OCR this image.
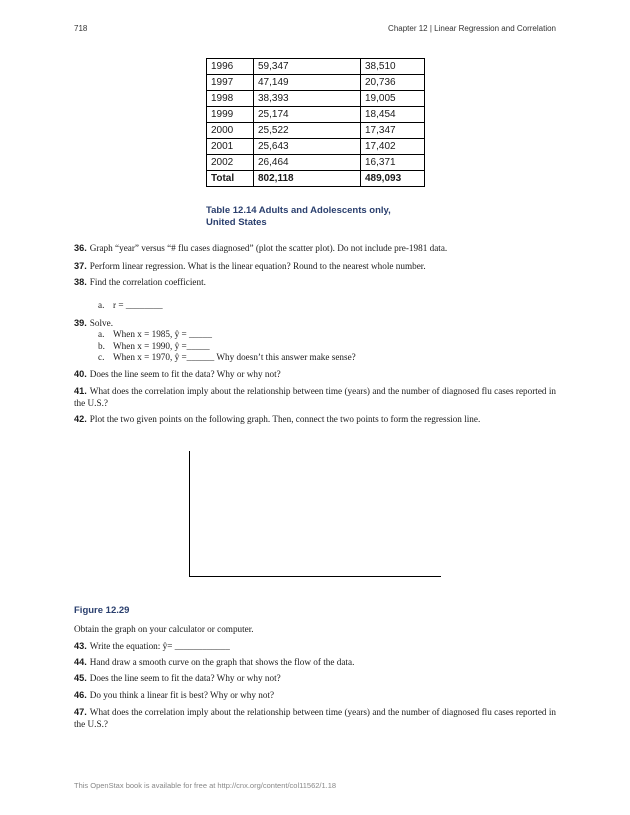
718	Chapter 12 | Linear Regression and Correlation
1996	59,347	38,510
1997	47,149	20,736
1998	38,393	19,005
1999	25,174	18,454
2000	25,522	17,347
2001	25,643	17,402
2002	26,464	16,371
Total	802,118	489,093
Table 12.14 Adults and Adolescents only, United States
36. Graph “year” versus “# flu cases diagnosed” (plot the scatter plot). Do not include pre-1981 data.
37. Perform linear regression. What is the linear equation? Round to the nearest whole number.
38. Find the correlation coefficient.
a. r = ________
39. Solve.
a. When x = 1985, ŷ = _____
b. When x = 1990, ŷ =_____
c. When x = 1970, ŷ =______ Why doesn’t this answer make sense?
40. Does the line seem to fit the data? Why or why not?
41. What does the correlation imply about the relationship between time (years) and the number of diagnosed flu cases reported in the U.S.?
42. Plot the two given points on the following graph. Then, connect the two points to form the regression line.
Figure 12.29
Obtain the graph on your calculator or computer.
43. Write the equation: ŷ= ____________
44. Hand draw a smooth curve on the graph that shows the flow of the data.
45. Does the line seem to fit the data? Why or why not?
46. Do you think a linear fit is best? Why or why not?
47. What does the correlation imply about the relationship between time (years) and the number of diagnosed flu cases reported in the U.S.?
This OpenStax book is available for free at http://cnx.org/content/col11562/1.18
